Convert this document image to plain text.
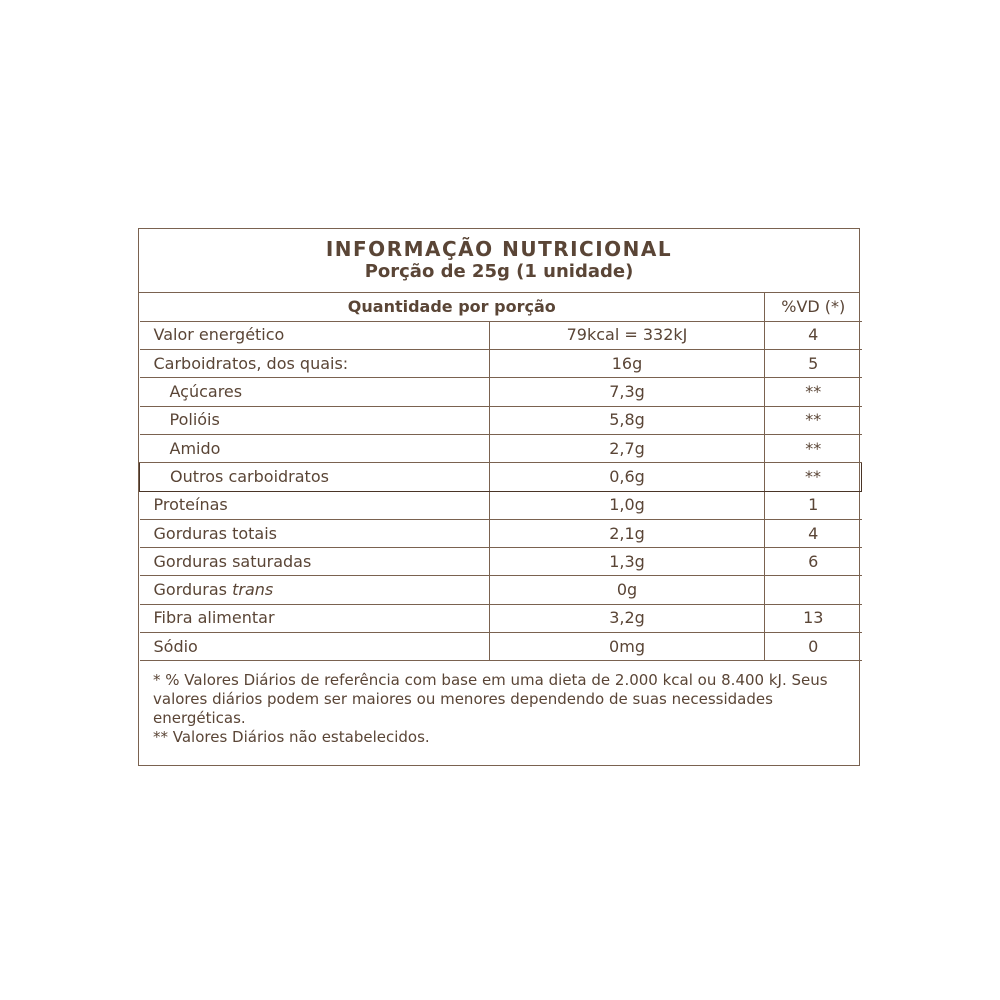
INFORMAÇÃO NUTRICIONAL
Porção de 25g (1 unidade)
Quantidade por porção		%VD (*)
Valor energético	79kcal = 332kJ	4
Carboidratos, dos quais:	16g	5
Açúcares	7,3g	**
Polióis	5,8g	**
Amido	2,7g	**
Outros carboidratos	0,6g	**
Proteínas	1,0g	1
Gorduras totais	2,1g	4
Gorduras saturadas	1,3g	6
Gorduras trans	0g	
Fibra alimentar	3,2g	13
Sódio	0mg	0

* % Valores Diários de referência com base em uma dieta de 2.000 kcal ou 8.400 kJ. Seus valores diários podem ser maiores ou menores dependendo de suas necessidades energéticas.

** Valores Diários não estabelecidos.
